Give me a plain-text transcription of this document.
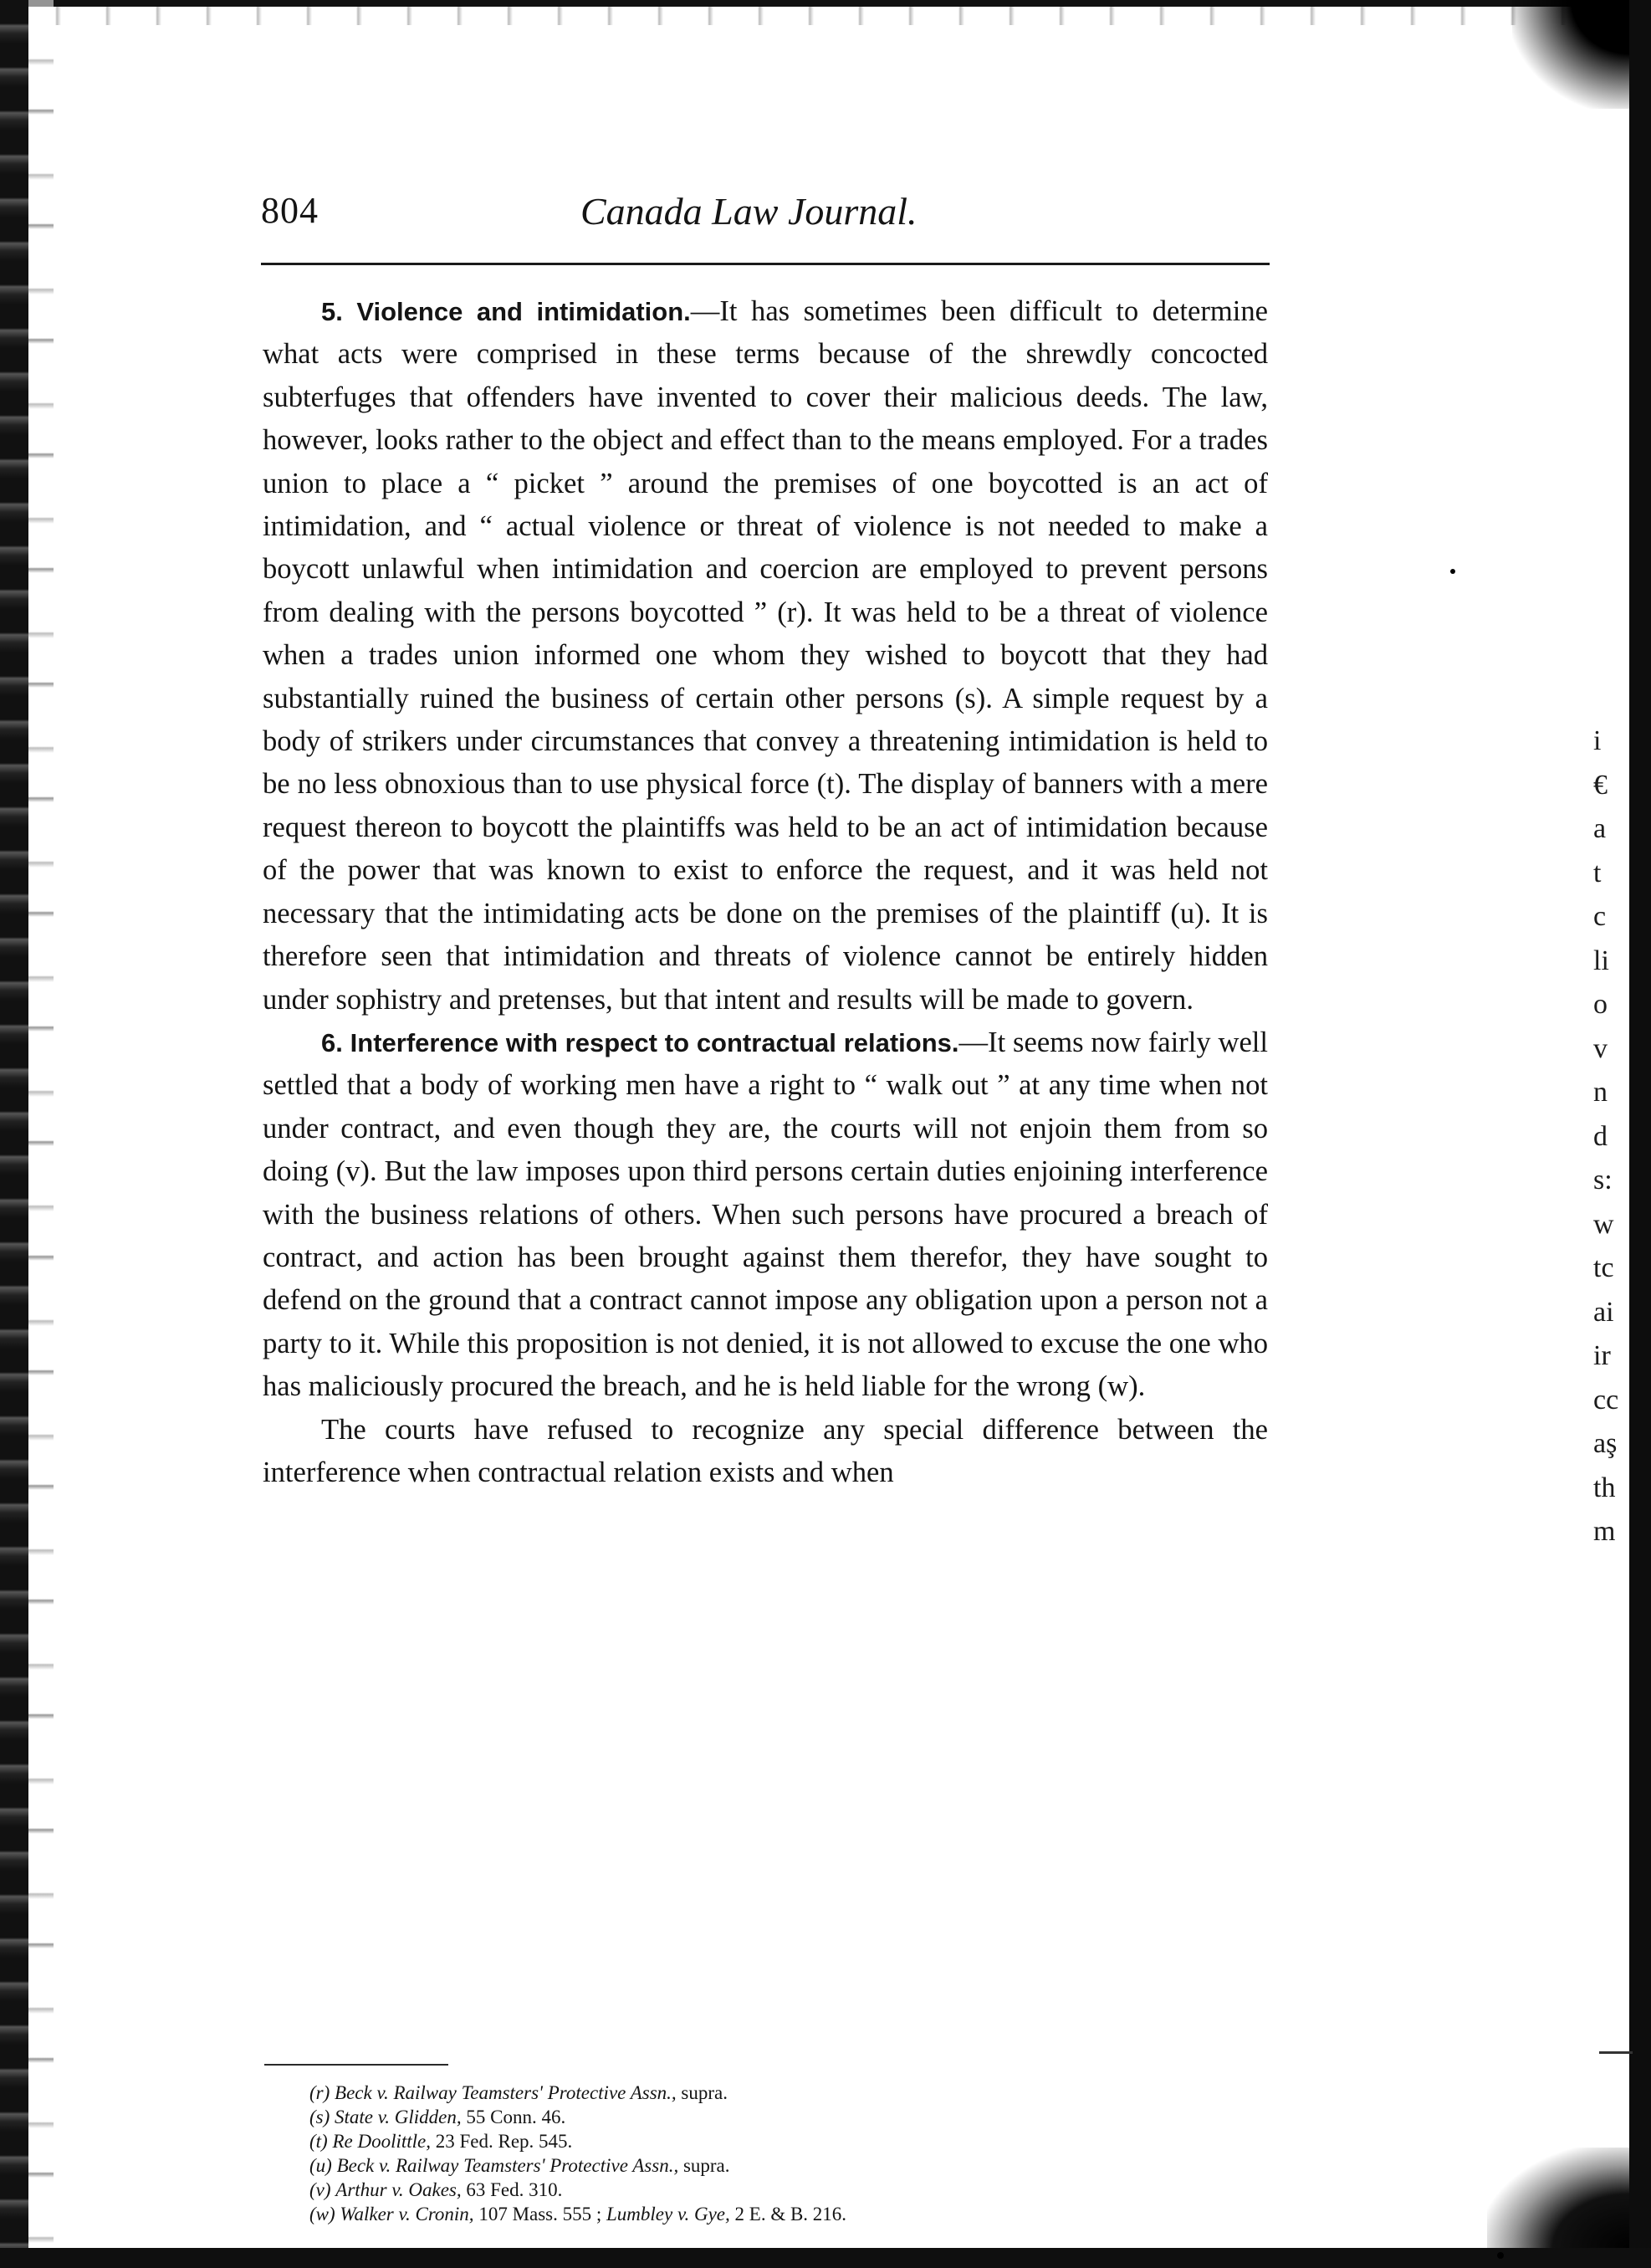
i
€
a
t
c
li
o
v
n
d
s:
w
tc
ai
ir
cc
aş
th
m
804	Canada Law Journal.

5. Violence and intimidation.—It has sometimes been difficult to determine what acts were comprised in these terms because of the shrewdly concocted subterfuges that offenders have invented to cover their malicious deeds. The law, however, looks rather to the object and effect than to the means employed. For a trades union to place a “ picket ” around the premises of one boycotted is an act of intimidation, and “ actual violence or threat of violence is not needed to make a boycott unlawful when intimidation and coercion are employed to prevent persons from dealing with the persons boycotted ” (r). It was held to be a threat of violence when a trades union informed one whom they wished to boycott that they had substantially ruined the business of certain other persons (s). A simple request by a body of strikers under circumstances that convey a threatening intimidation is held to be no less obnoxious than to use physical force (t). The display of banners with a mere request thereon to boycott the plaintiffs was held to be an act of intimidation because of the power that was known to exist to enforce the request, and it was held not necessary that the intimidating acts be done on the premises of the plaintiff (u). It is therefore seen that intimidation and threats of violence cannot be entirely hidden under sophistry and pretenses, but that intent and results will be made to govern.

6. Interference with respect to contractual relations.—It seems now fairly well settled that a body of working men have a right to “ walk out ” at any time when not under contract, and even though they are, the courts will not enjoin them from so doing (v). But the law imposes upon third persons certain duties enjoining interference with the business relations of others. When such persons have procured a breach of contract, and action has been brought against them therefor, they have sought to defend on the ground that a contract cannot impose any obligation upon a person not a party to it. While this proposition is not denied, it is not allowed to excuse the one who has maliciously procured the breach, and he is held liable for the wrong (w).

The courts have refused to recognize any special difference between the interference when contractual relation exists and when

(r) Beck v. Railway Teamsters' Protective Assn., supra.
(s) State v. Glidden, 55 Conn. 46.
(t) Re Doolittle, 23 Fed. Rep. 545.
(u) Beck v. Railway Teamsters' Protective Assn., supra.
(v) Arthur v. Oakes, 63 Fed. 310.
(w) Walker v. Cronin, 107 Mass. 555 ; Lumbley v. Gye, 2 E. & B. 216.
